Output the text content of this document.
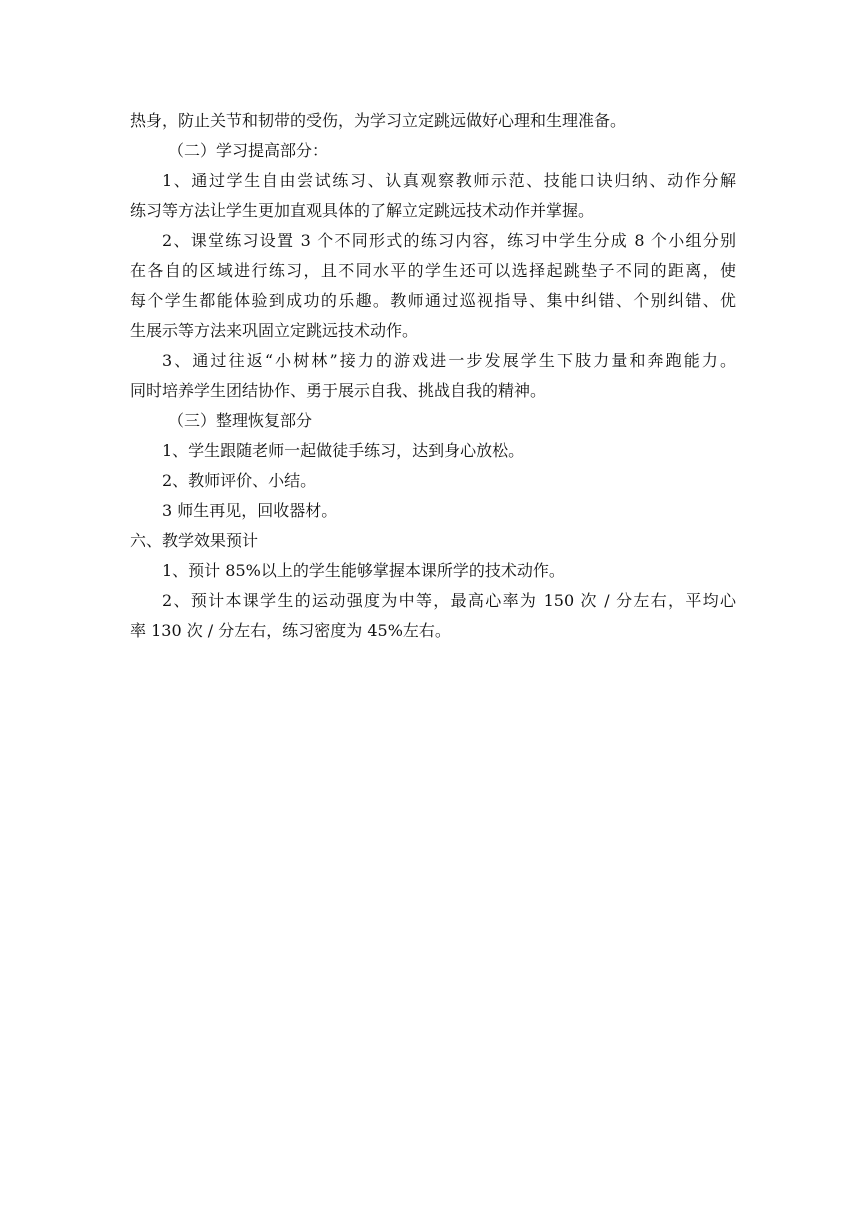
热身，防止关节和韧带的受伤，为学习立定跳远做好心理和生理准备。
（二）学习提高部分：
1、通过学生自由尝试练习、认真观察教师示范、技能口诀归纳、动作分解
练习等方法让学生更加直观具体的了解立定跳远技术动作并掌握。
2、课堂练习设置 3 个不同形式的练习内容，练习中学生分成 8 个小组分别
在各自的区域进行练习，且不同水平的学生还可以选择起跳垫子不同的距离，使
每个学生都能体验到成功的乐趣。教师通过巡视指导、集中纠错、个别纠错、优
生展示等方法来巩固立定跳远技术动作。
3、通过往返“小树林”接力的游戏进一步发展学生下肢力量和奔跑能力。
同时培养学生团结协作、勇于展示自我、挑战自我的精神。
（三）整理恢复部分
1、学生跟随老师一起做徒手练习，达到身心放松。
2、教师评价、小结。
3 师生再见，回收器材。
六、教学效果预计
1、预计 85%以上的学生能够掌握本课所学的技术动作。
2、预计本课学生的运动强度为中等，最高心率为 150 次 / 分左右，平均心
率 130 次 / 分左右，练习密度为 45%左右。
